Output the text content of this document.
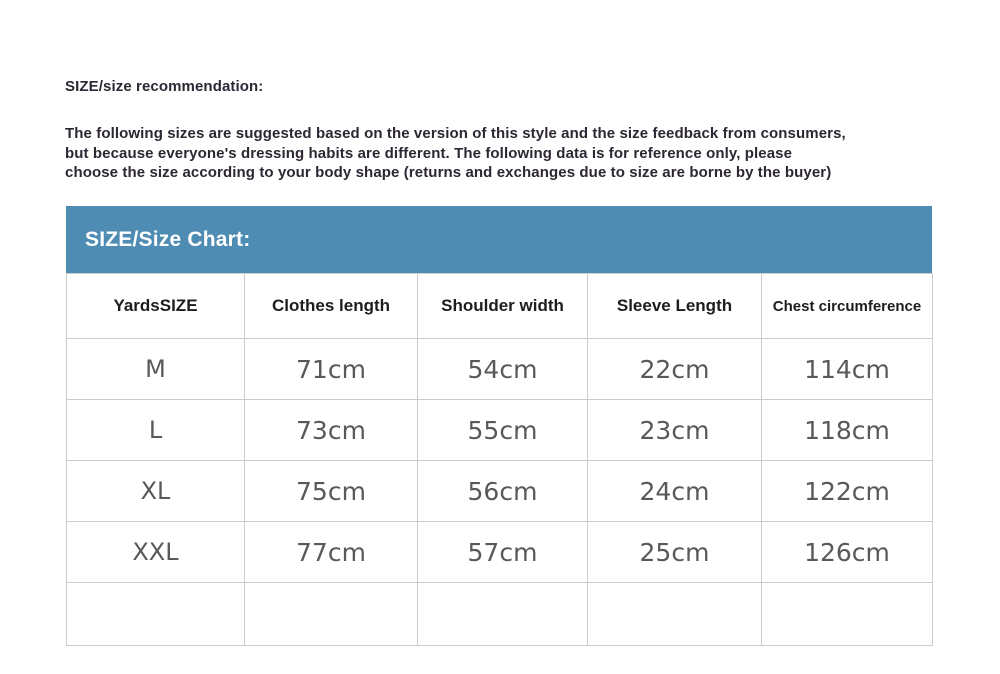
SIZE/size recommendation:
The following sizes are suggested based on the version of this style and the size feedback from consumers,
but because everyone's dressing habits are different. The following data is for reference only, please
choose the size according to your body shape (returns and exchanges due to size are borne by the buyer)
SIZE/Size Chart:
YardsSIZE	Clothes length	Shoulder width	Sleeve Length	Chest circumference
M	71cm	54cm	22cm	114cm
L	73cm	55cm	23cm	118cm
XL	75cm	56cm	24cm	122cm
XXL	77cm	57cm	25cm	126cm
